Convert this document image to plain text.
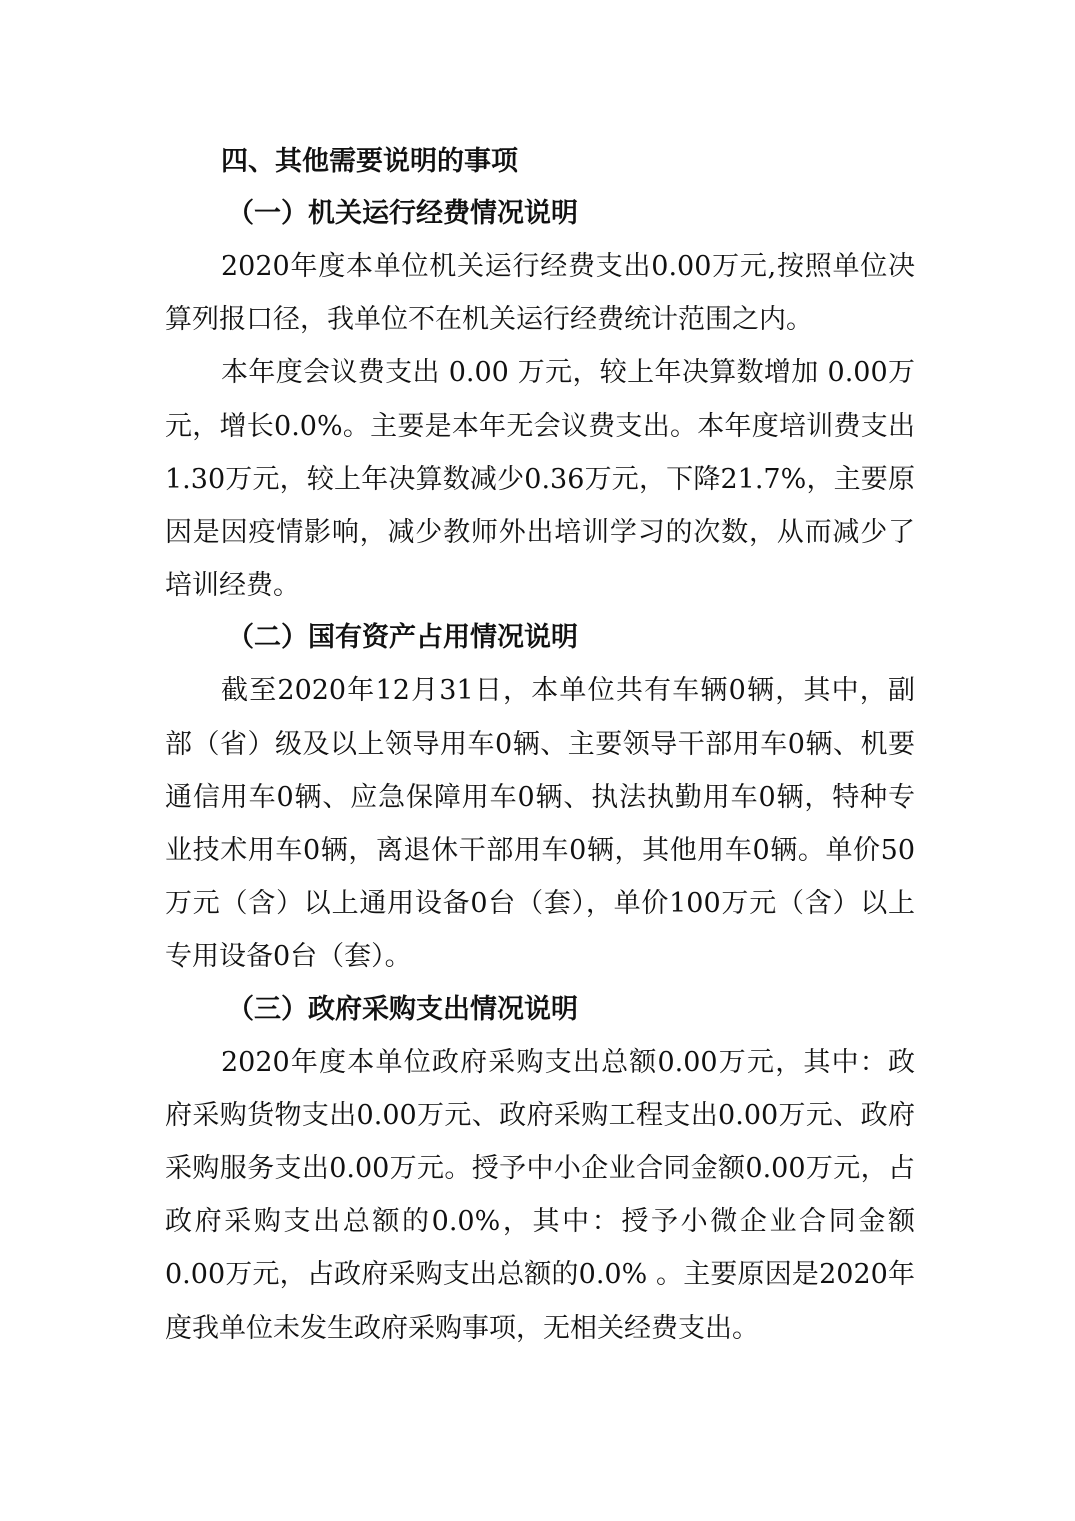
四、其他需要说明的事项
（一）机关运行经费情况说明

2020年度本单位机关运行经费支出0.00万元,按照单位决算列报口径，我单位不在机关运行经费统计范围之内。

本年度会议费支出 0.00 万元，较上年决算数增加 0.00万元，增长0.0%。主要是本年无会议费支出。本年度培训费支出 1.30万元，较上年决算数减少0.36万元，下降21.7%，主要原因是因疫情影响，减少教师外出培训学习的次数，从而减少了培训经费。

（二）国有资产占用情况说明

截至2020年12月31日，本单位共有车辆0辆，其中，副部（省）级及以上领导用车0辆、主要领导干部用车0辆、机要通信用车0辆、应急保障用车0辆、执法执勤用车0辆，特种专业技术用车0辆，离退休干部用车0辆，其他用车0辆。单价50万元（含）以上通用设备0台（套），单价100万元（含）以上专用设备0台（套）。

（三）政府采购支出情况说明

2020年度本单位政府采购支出总额0.00万元，其中：政府采购货物支出0.00万元、政府采购工程支出0.00万元、政府采购服务支出0.00万元。授予中小企业合同金额0.00万元，占政府采购支出总额的0.0%，其中：授予小微企业合同金额 0.00万元，占政府采购支出总额的0.0% 。主要原因是2020年度我单位未发生政府采购事项，无相关经费支出。
